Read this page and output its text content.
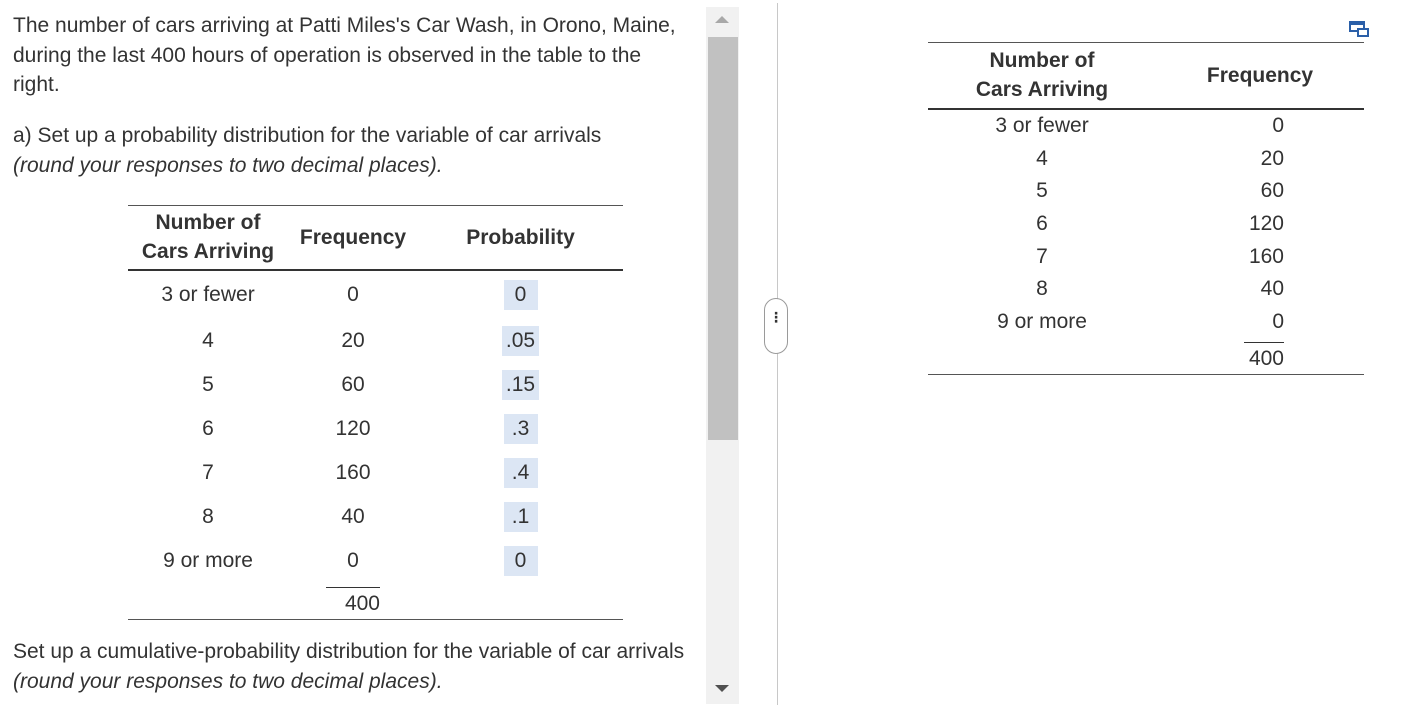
The number of cars arriving at Patti Miles's Car Wash, in Orono, Maine, during the last 400 hours of operation is observed in the table to the right.
a) Set up a probability distribution for the variable of car arrivals
(round your responses to two decimal places).
Number of
Cars Arriving	Frequency	Probability
3 or fewer	0	0
4	20	.05
5	60	.15
6	120	.3
7	160	.4
8	40	.1
9 or more	0	0
	400	
Set up a cumulative-probability distribution for the variable of car arrivals (round your responses to two decimal places).
⋮
Number of
Cars Arriving	Frequency
3 or fewer	0
4	20
5	60
6	120
7	160
8	40
9 or more	0
	400
